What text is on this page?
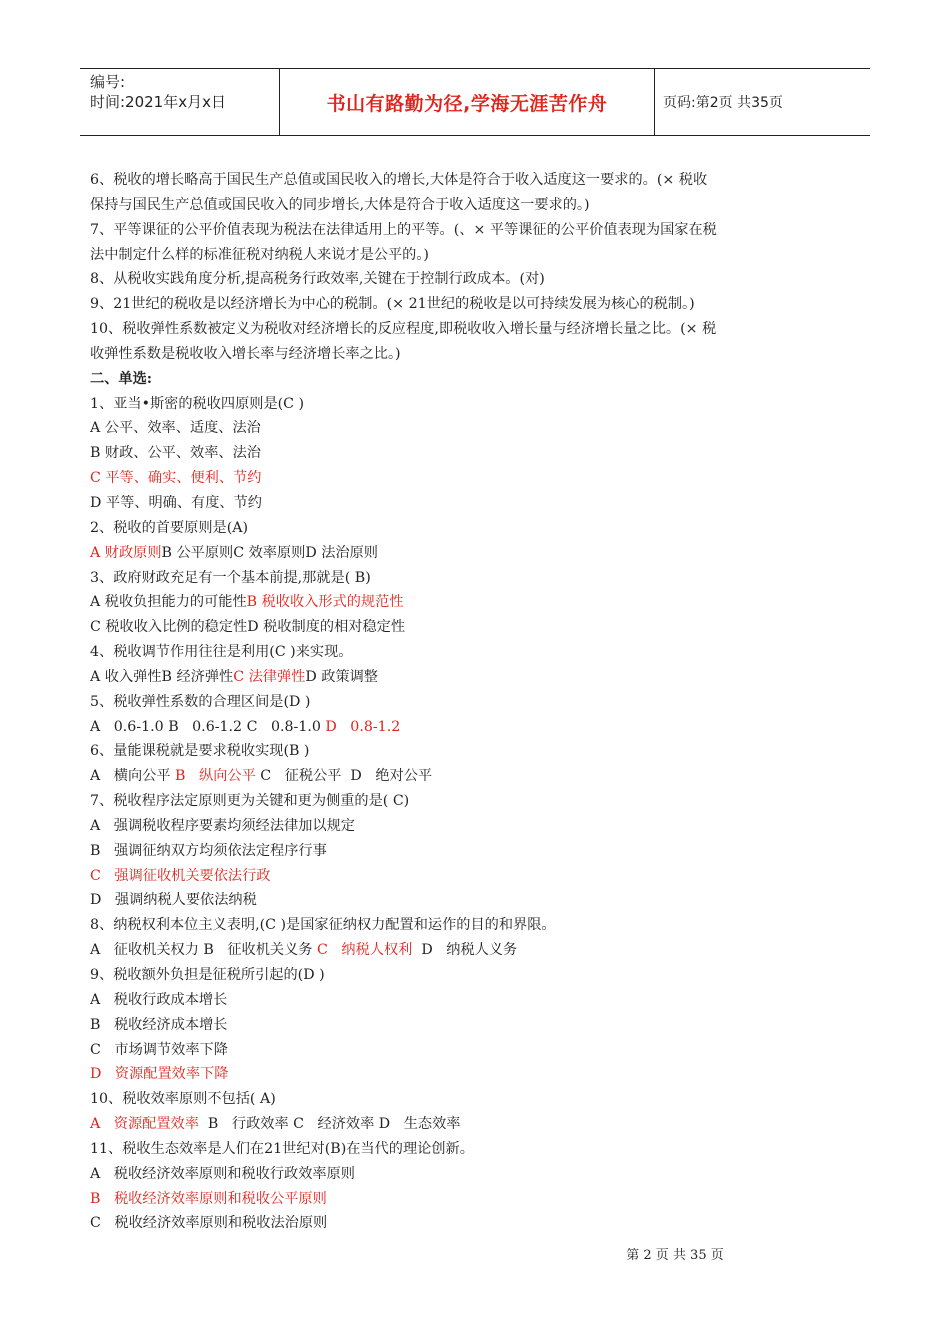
编号:
时间:2021年x月x日	书山有路勤为径,学海无涯苦作舟	页码:第2页 共35页
6、税收的增长略高于国民生产总值或国民收入的增长,大体是符合于收入适度这一要求的。(× 税收
保持与国民生产总值或国民收入的同步增长,大体是符合于收入适度这一要求的。)
7、平等课征的公平价值表现为税法在法律适用上的平等。(、× 平等课征的公平价值表现为国家在税
法中制定什么样的标准征税对纳税人来说才是公平的。)
8、从税收实践角度分析,提高税务行政效率,关键在于控制行政成本。(对)
9、21世纪的税收是以经济增长为中心的税制。(× 21世纪的税收是以可持续发展为核心的税制。)
10、税收弹性系数被定义为税收对经济增长的反应程度,即税收收入增长量与经济增长量之比。(× 税
收弹性系数是税收收入增长率与经济增长率之比。)
二、单选:
1、亚当•斯密的税收四原则是(C )
A 公平、效率、适度、法治
B 财政、公平、效率、法治
C 平等、确实、便利、节约
D 平等、明确、有度、节约
2、税收的首要原则是(A)
A 财政原则B 公平原则C 效率原则D 法治原则
3、政府财政充足有一个基本前提,那就是( B)
A 税收负担能力的可能性B 税收收入形式的规范性
C 税收收入比例的稳定性D 税收制度的相对稳定性
4、税收调节作用往往是利用(C )来实现。
A 收入弹性B 经济弹性C 法律弹性D 政策调整
5、税收弹性系数的合理区间是(D )
A   0.6-1.0 B   0.6-1.2 C   0.8-1.0 D   0.8-1.2
6、量能课税就是要求税收实现(B )
A   横向公平 B   纵向公平 C   征税公平  D   绝对公平
7、税收程序法定原则更为关键和更为侧重的是( C)
A   强调税收程序要素均须经法律加以规定
B   强调征纳双方均须依法定程序行事
C   强调征收机关要依法行政
D   强调纳税人要依法纳税
8、纳税权利本位主义表明,(C )是国家征纳权力配置和运作的目的和界限。
A   征收机关权力 B   征收机关义务 C   纳税人权利  D   纳税人义务
9、税收额外负担是征税所引起的(D )
A   税收行政成本增长
B   税收经济成本增长
C   市场调节效率下降
D   资源配置效率下降
10、税收效率原则不包括( A)
A   资源配置效率  B   行政效率 C   经济效率 D   生态效率
11、税收生态效率是人们在21世纪对(B)在当代的理论创新。
A   税收经济效率原则和税收行政效率原则
B   税收经济效率原则和税收公平原则
C   税收经济效率原则和税收法治原则
第 2 页 共 35 页
